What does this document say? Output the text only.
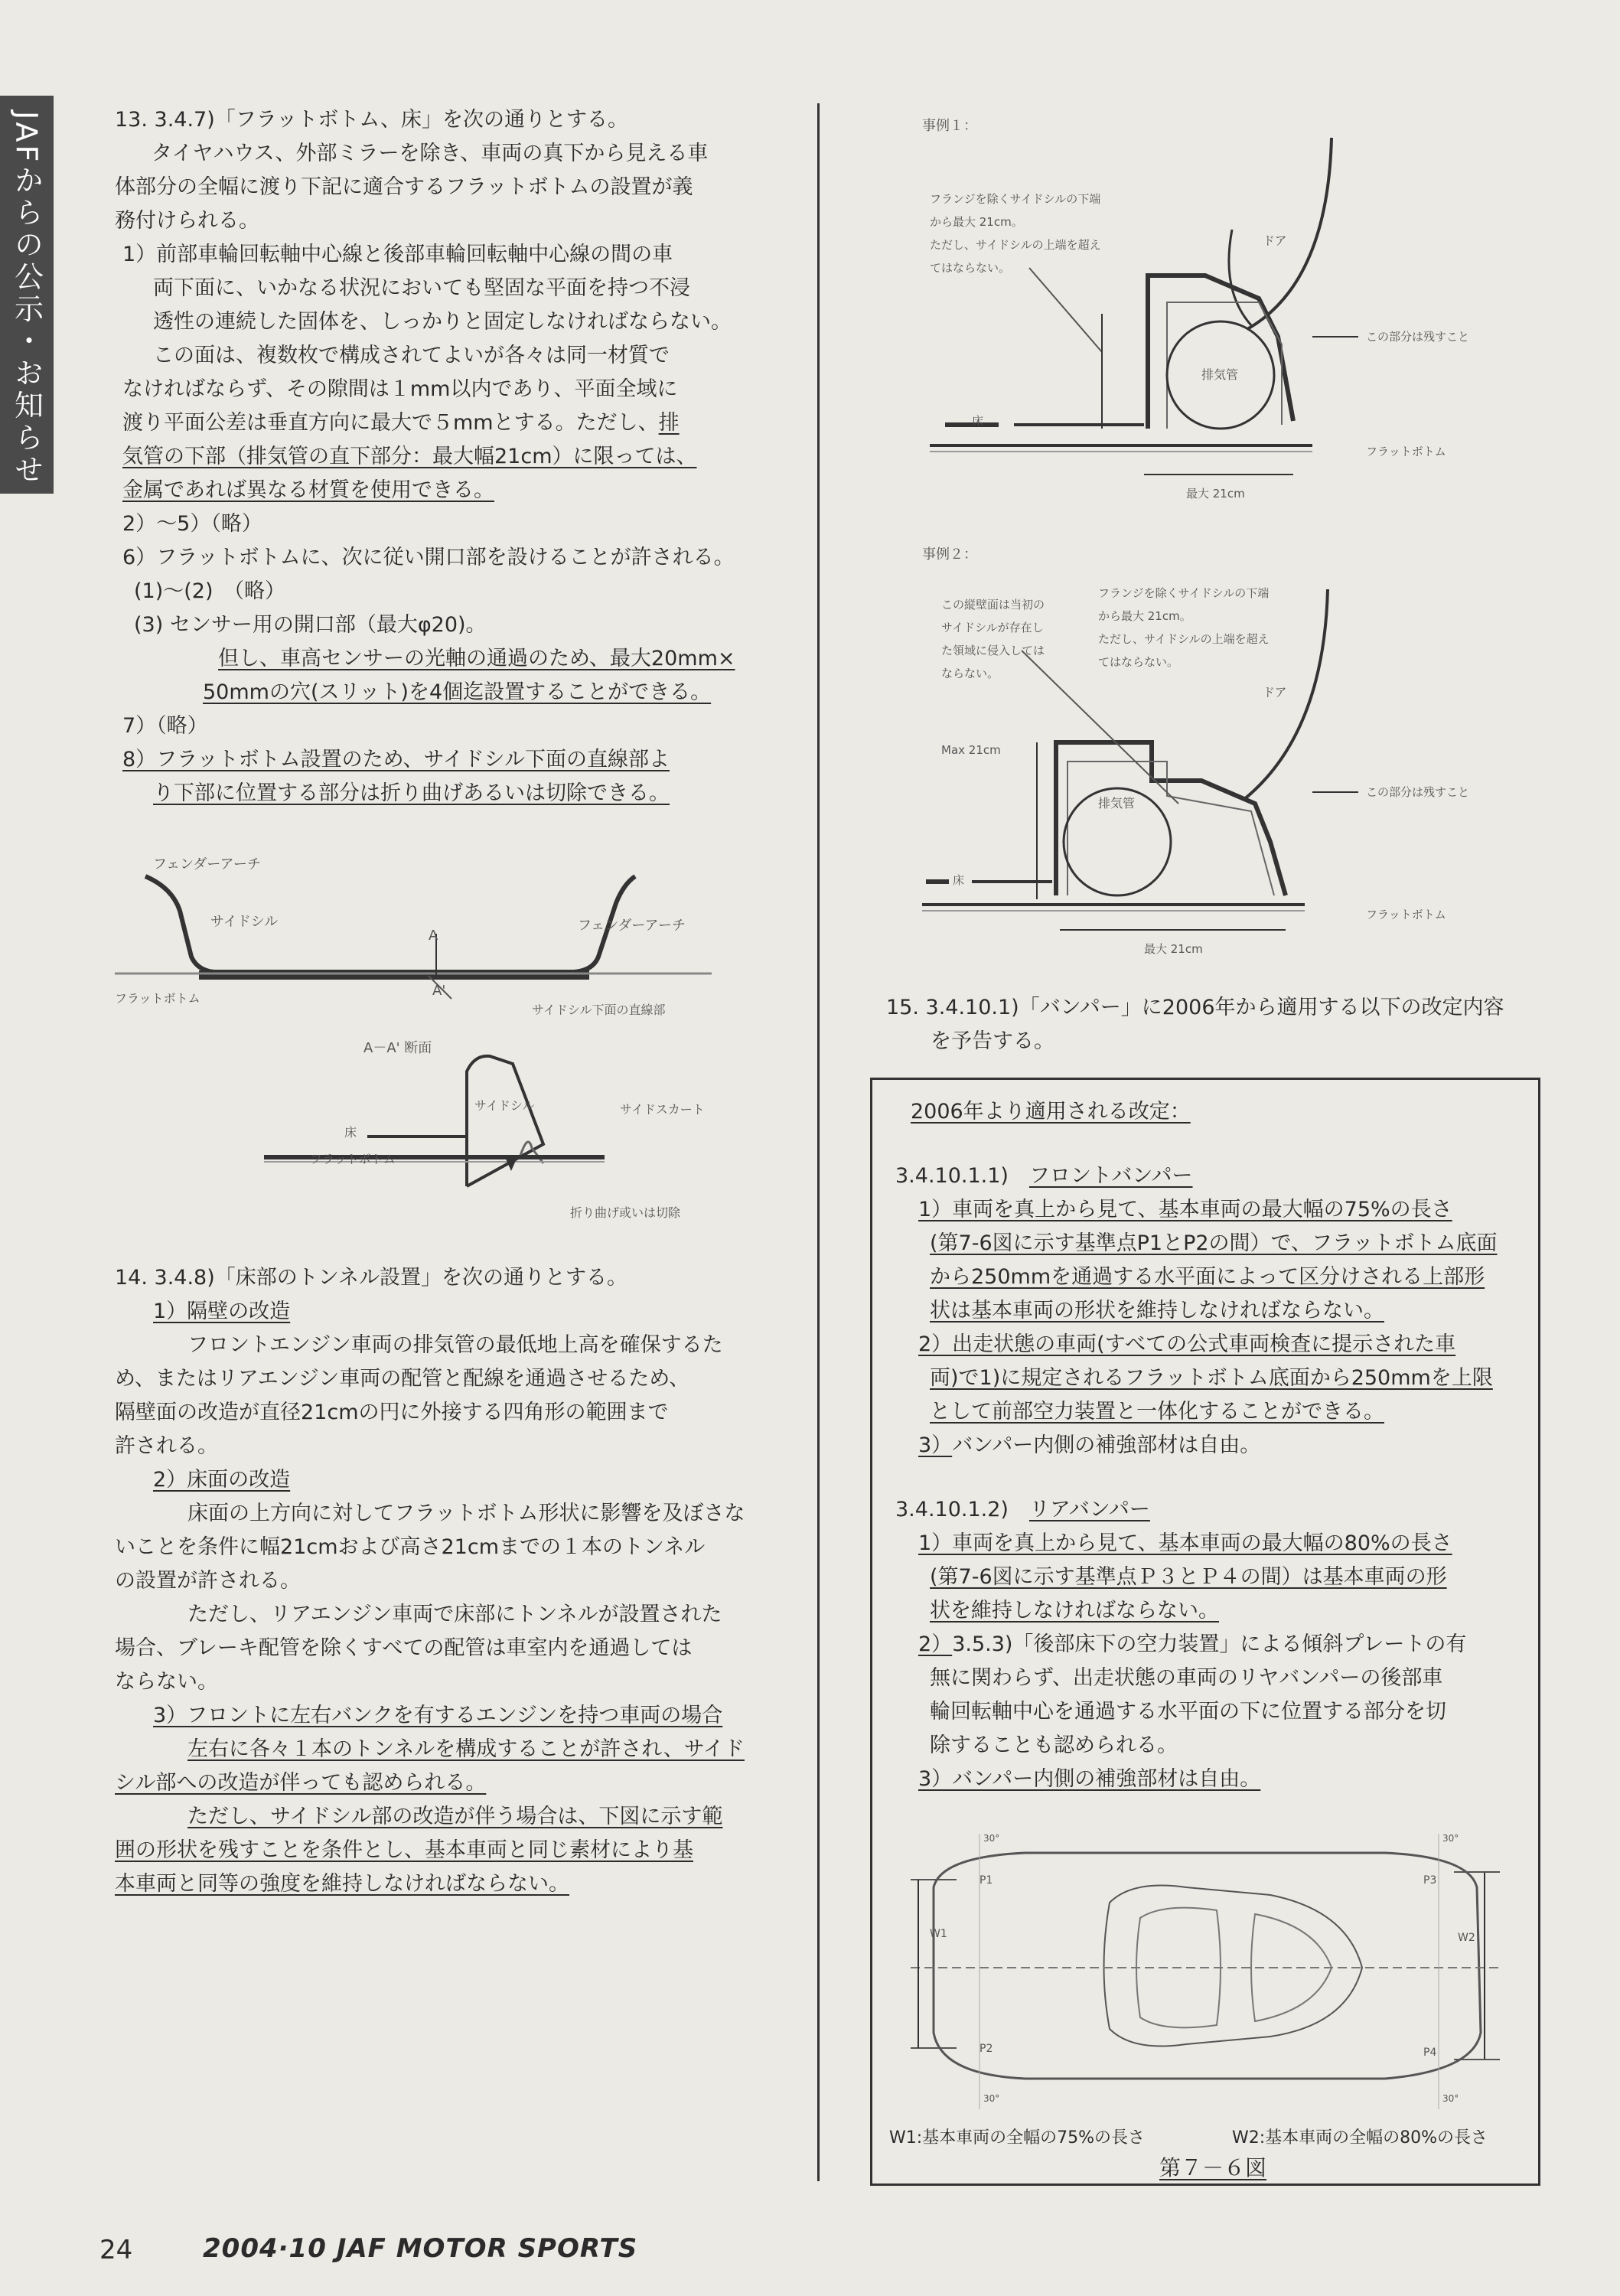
JAFからの公示・お知らせ	13. 3.4.7)「フラットボトム、床」を次の通りとする。

タイヤハウス、外部ミラーを除き、車両の真下から見える車

体部分の全幅に渡り下記に適合するフラットボトムの設置が義

務付けられる。

1）前部車輪回転軸中心線と後部車輪回転軸中心線の間の車

両下面に、いかなる状況においても堅固な平面を持つ不浸

透性の連続した固体を、しっかりと固定しなければならない。

この面は、複数枚で構成されてよいが各々は同一材質で

なければならず、その隙間は１mm以内であり、平面全域に

渡り平面公差は垂直方向に最大で５mmとする。ただし、排

気管の下部（排気管の直下部分：最大幅21cm）に限っては、

金属であれば異なる材質を使用できる。

2）～5）（略）

6）フラットボトムに、次に従い開口部を設けることが許される。

(1)～(2)　（略）

(3) センサー用の開口部（最大φ20)。

但し、車高センサーの光軸の通過のため、最大20mm×

50mmの穴(スリット)を4個迄設置することができる。

7）（略）

8）フラットボトム設置のため、サイドシル下面の直線部よ

り下部に位置する部分は折り曲げあるいは切除できる。

フェンダーアーチ
サイドシル	フェンダーアーチ
A
A'
フラットボトム
サイドシル下面の直線部
A－A' 断面
サイドシル	サイドスカート
床
フラットボトム
折り曲げ或いは切除

14. 3.4.8)「床部のトンネル設置」を次の通りとする。

1）隔壁の改造

フロントエンジン車両の排気管の最低地上高を確保するた

め、またはリアエンジン車両の配管と配線を通過させるため、

隔壁面の改造が直径21cmの円に外接する四角形の範囲まで

許される。

2）床面の改造

床面の上方向に対してフラットボトム形状に影響を及ぼさな

いことを条件に幅21cmおよび高さ21cmまでの１本のトンネル

の設置が許される。

ただし、リアエンジン車両で床部にトンネルが設置された

場合、ブレーキ配管を除くすべての配管は車室内を通過しては

ならない。

3）フロントに左右バンクを有するエンジンを持つ車両の場合

左右に各々１本のトンネルを構成することが許され、サイド

シル部への改造が伴っても認められる。

ただし、サイドシル部の改造が伴う場合は、下図に示す範

囲の形状を残すことを条件とし、基本車両と同じ素材により基

本車両と同等の強度を維持しなければならない。

事例１：
フランジを除くサイドシルの下端
から最大 21cm。
ただし、サイドシルの上端を超え
てはならない。
ドア
排気管
床
フラットボトム
この部分は残すこと
最大 21cm
事例２：
この縦壁面は当初の
サイドシルが存在し
た領域に侵入しては
ならない。
フランジを除くサイドシルの下端
から最大 21cm。
ただし、サイドシルの上端を超え
てはならない。
ドア
Max 21cm
排気管
この部分は残すこと
床
フラットボトム
最大 21cm

15. 3.4.10.1)「バンパー」に2006年から適用する以下の改定内容

を予告する。

2006年より適用される改定：

3.4.10.1.1)　 フロントバンパー

1）車両を真上から見て、基本車両の最大幅の75%の長さ

(第7-6図に示す基準点P1とP2の間）で、フラットボトム底面

から250mmを通過する水平面によって区分けされる上部形

状は基本車両の形状を維持しなければならない。

2）出走状態の車両(すべての公式車両検査に提示された車

両)で1)に規定されるフラットボトム底面から250mmを上限

として前部空力装置と一体化することができる。

3）バンパー内側の補強部材は自由。

3.4.10.1.2)　 リアバンパー

1）車両を真上から見て、基本車両の最大幅の80%の長さ

(第7-6図に示す基準点Ｐ３とＰ４の間）は基本車両の形

状を維持しなければならない。

2）3.5.3)「後部床下の空力装置」による傾斜プレートの有

無に関わらず、出走状態の車両のリヤバンパーの後部車

輪回転軸中心を通過する水平面の下に位置する部分を切

除することも認められる。

3）バンパー内側の補強部材は自由。

P1
P2
P3
P4
W1	W2
30°
30°
30°
30°
W1:基本車両の全幅の75%の長さ	W2:基本車両の全幅の80%の長さ
第７－６図
24	2004·10 JAF MOTOR SPORTS
